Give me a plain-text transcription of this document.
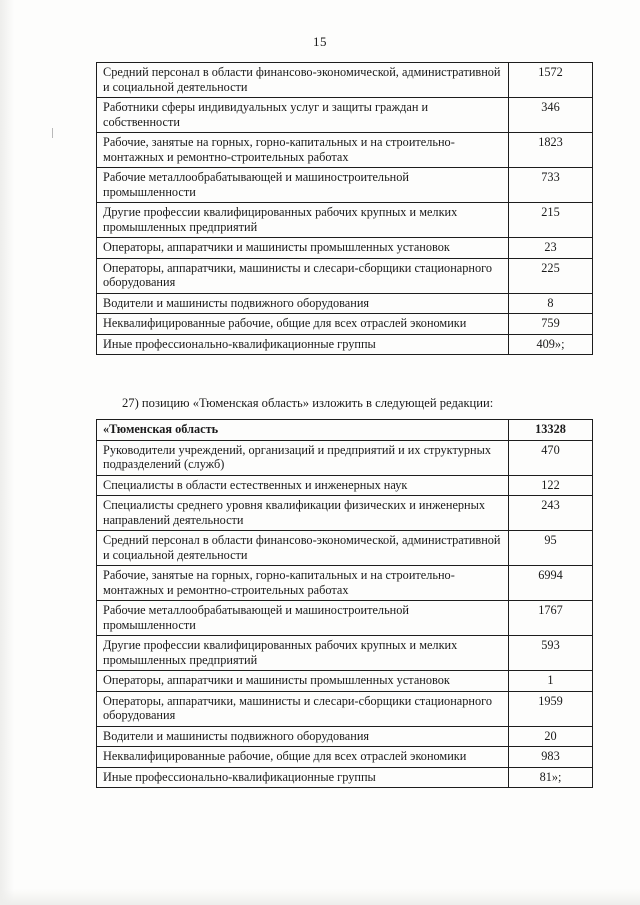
15
Средний персонал в области финансово-экономической, административной и социальной деятельности	1572
Работники сферы индивидуальных услуг и защиты граждан и собственности	346
Рабочие, занятые на горных, горно-капитальных и на строительно-монтажных и ремонтно-строительных работах	1823
Рабочие металлообрабатывающей и машиностроительной промышленности	733
Другие профессии квалифицированных рабочих крупных и мелких промышленных предприятий	215
Операторы, аппаратчики и машинисты промышленных установок	23
Операторы, аппаратчики, машинисты и слесари-сборщики стационарного оборудования	225
Водители и машинисты подвижного оборудования	8
Неквалифицированные рабочие, общие для всех отраслей экономики	759
Иные профессионально-квалификационные группы	409»;
27) позицию «Тюменская область» изложить в следующей редакции:
«Тюменская область	13328
Руководители учреждений, организаций и предприятий и их структурных подразделений (служб)	470
Специалисты в области естественных и инженерных наук	122
Специалисты среднего уровня квалификации физических и инженерных направлений деятельности	243
Средний персонал в области финансово-экономической, административной и социальной деятельности	95
Рабочие, занятые на горных, горно-капитальных и на строительно-монтажных и ремонтно-строительных работах	6994
Рабочие металлообрабатывающей и машиностроительной промышленности	1767
Другие профессии квалифицированных рабочих крупных и мелких промышленных предприятий	593
Операторы, аппаратчики и машинисты промышленных установок	1
Операторы, аппаратчики, машинисты и слесари-сборщики стационарного оборудования	1959
Водители и машинисты подвижного оборудования	20
Неквалифицированные рабочие, общие для всех отраслей экономики	983
Иные профессионально-квалификационные группы	81»;
